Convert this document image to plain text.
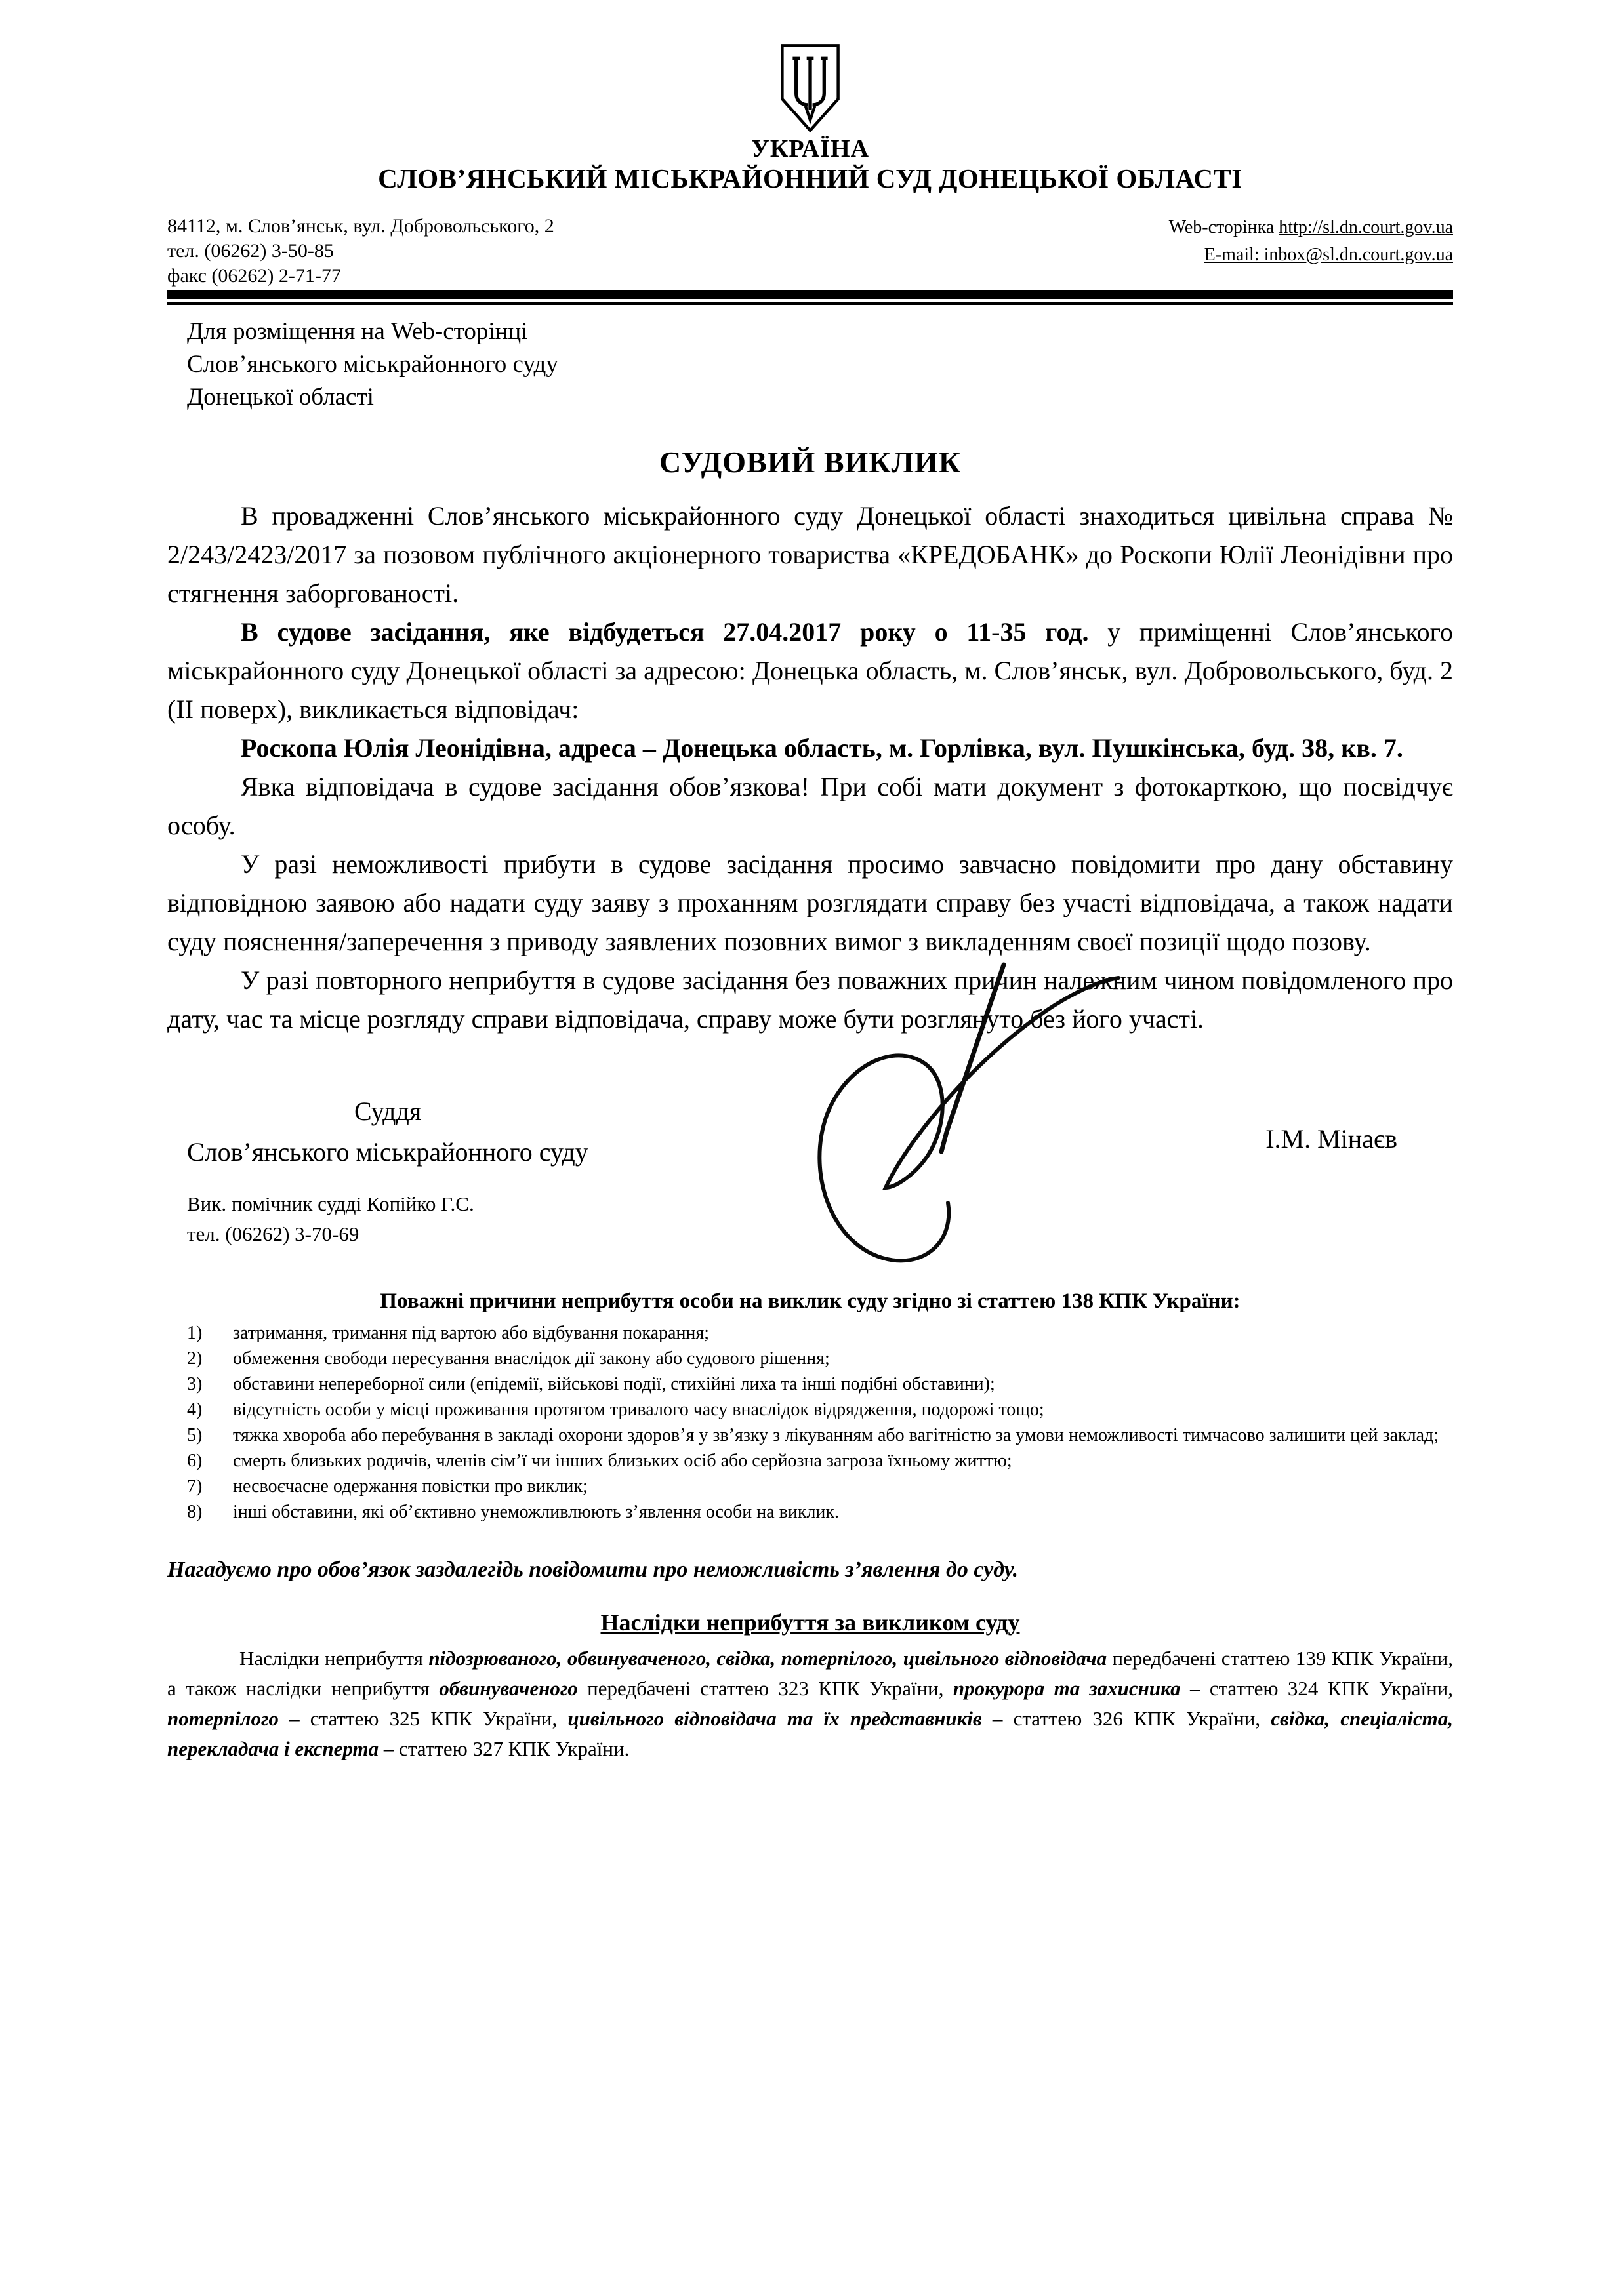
УКРАЇНА
СЛОВ’ЯНСЬКИЙ МІСЬКРАЙОННИЙ СУД ДОНЕЦЬКОЇ ОБЛАСТІ
84112, м. Слов’янськ, вул. Добровольського, 2
тел. (06262) 3-50-85
факс (06262) 2-71-77
Web-сторінка http://sl.dn.court.gov.ua
E-mail: inbox@sl.dn.court.gov.ua
Для розміщення на Web-сторінці
Слов’янського міськрайонного суду
Донецької області
СУДОВИЙ ВИКЛИК

В провадженні Слов’янського міськрайонного суду Донецької області знаходиться цивільна справа № 2/243/2423/2017 за позовом публічного акціонерного товариства «КРЕДОБАНК» до Роскопи Юлії Леонідівни про стягнення заборгованості.

В судове засідання, яке відбудеться 27.04.2017 року о 11-35 год. у приміщенні Слов’янського міськрайонного суду Донецької області за адресою: Донецька область, м. Слов’янськ, вул. Добровольського, буд. 2 (ІІ поверх), викликається відповідач:

Роскопа Юлія Леонідівна, адреса – Донецька область, м. Горлівка, вул. Пушкінська, буд. 38, кв. 7.

Явка відповідача в судове засідання обов’язкова! При собі мати документ з фотокарткою, що посвідчує особу.

У разі неможливості прибути в судове засідання просимо завчасно повідомити про дану обставину відповідною заявою або надати суду заяву з проханням розглядати справу без участі відповідача, а також надати суду пояснення/заперечення з приводу заявлених позовних вимог з викладенням своєї позиції щодо позову.

У разі повторного неприбуття в судове засідання без поважних причин належним чином повідомленого про дату, час та місце розгляду справи відповідача, справу може бути розглянуто без його участі.

Суддя
Слов’янського міськрайонного суду	І.М. Мінаєв
Вик. помічник судді Копійко Г.С.
тел. (06262) 3-70-69
Поважні причини неприбуття особи на виклик суду згідно зі статтею 138 КПК України:
1)	затримання, тримання під вартою або відбування покарання;
2)	обмеження свободи пересування внаслідок дії закону або судового рішення;
3)	обставини непереборної сили (епідемії, військові події, стихійні лиха та інші подібні обставини);
4)	відсутність особи у місці проживання протягом тривалого часу внаслідок відрядження, подорожі тощо;
5)	тяжка хвороба або перебування в закладі охорони здоров’я у зв’язку з лікуванням або вагітністю за умови неможливості тимчасово залишити цей заклад;
6)	смерть близьких родичів, членів сім’ї чи інших близьких осіб або серйозна загроза їхньому життю;
7)	несвоєчасне одержання повістки про виклик;
8)	інші обставини, які об’єктивно унеможливлюють з’явлення особи на виклик.
Нагадуємо про обов’язок заздалегідь повідомити про неможливість з’явлення до суду.
Наслідки неприбуття за викликом суду

Наслідки неприбуття підозрюваного, обвинуваченого, свідка, потерпілого, цивільного відповідача передбачені статтею 139 КПК України, а також наслідки неприбуття обвинуваченого передбачені статтею 323 КПК України, прокурора та захисника – статтею 324 КПК України, потерпілого – статтею 325 КПК України, цивільного відповідача та їх представників – статтею 326 КПК України, свідка, спеціаліста, перекладача і експерта – статтею 327 КПК України.
